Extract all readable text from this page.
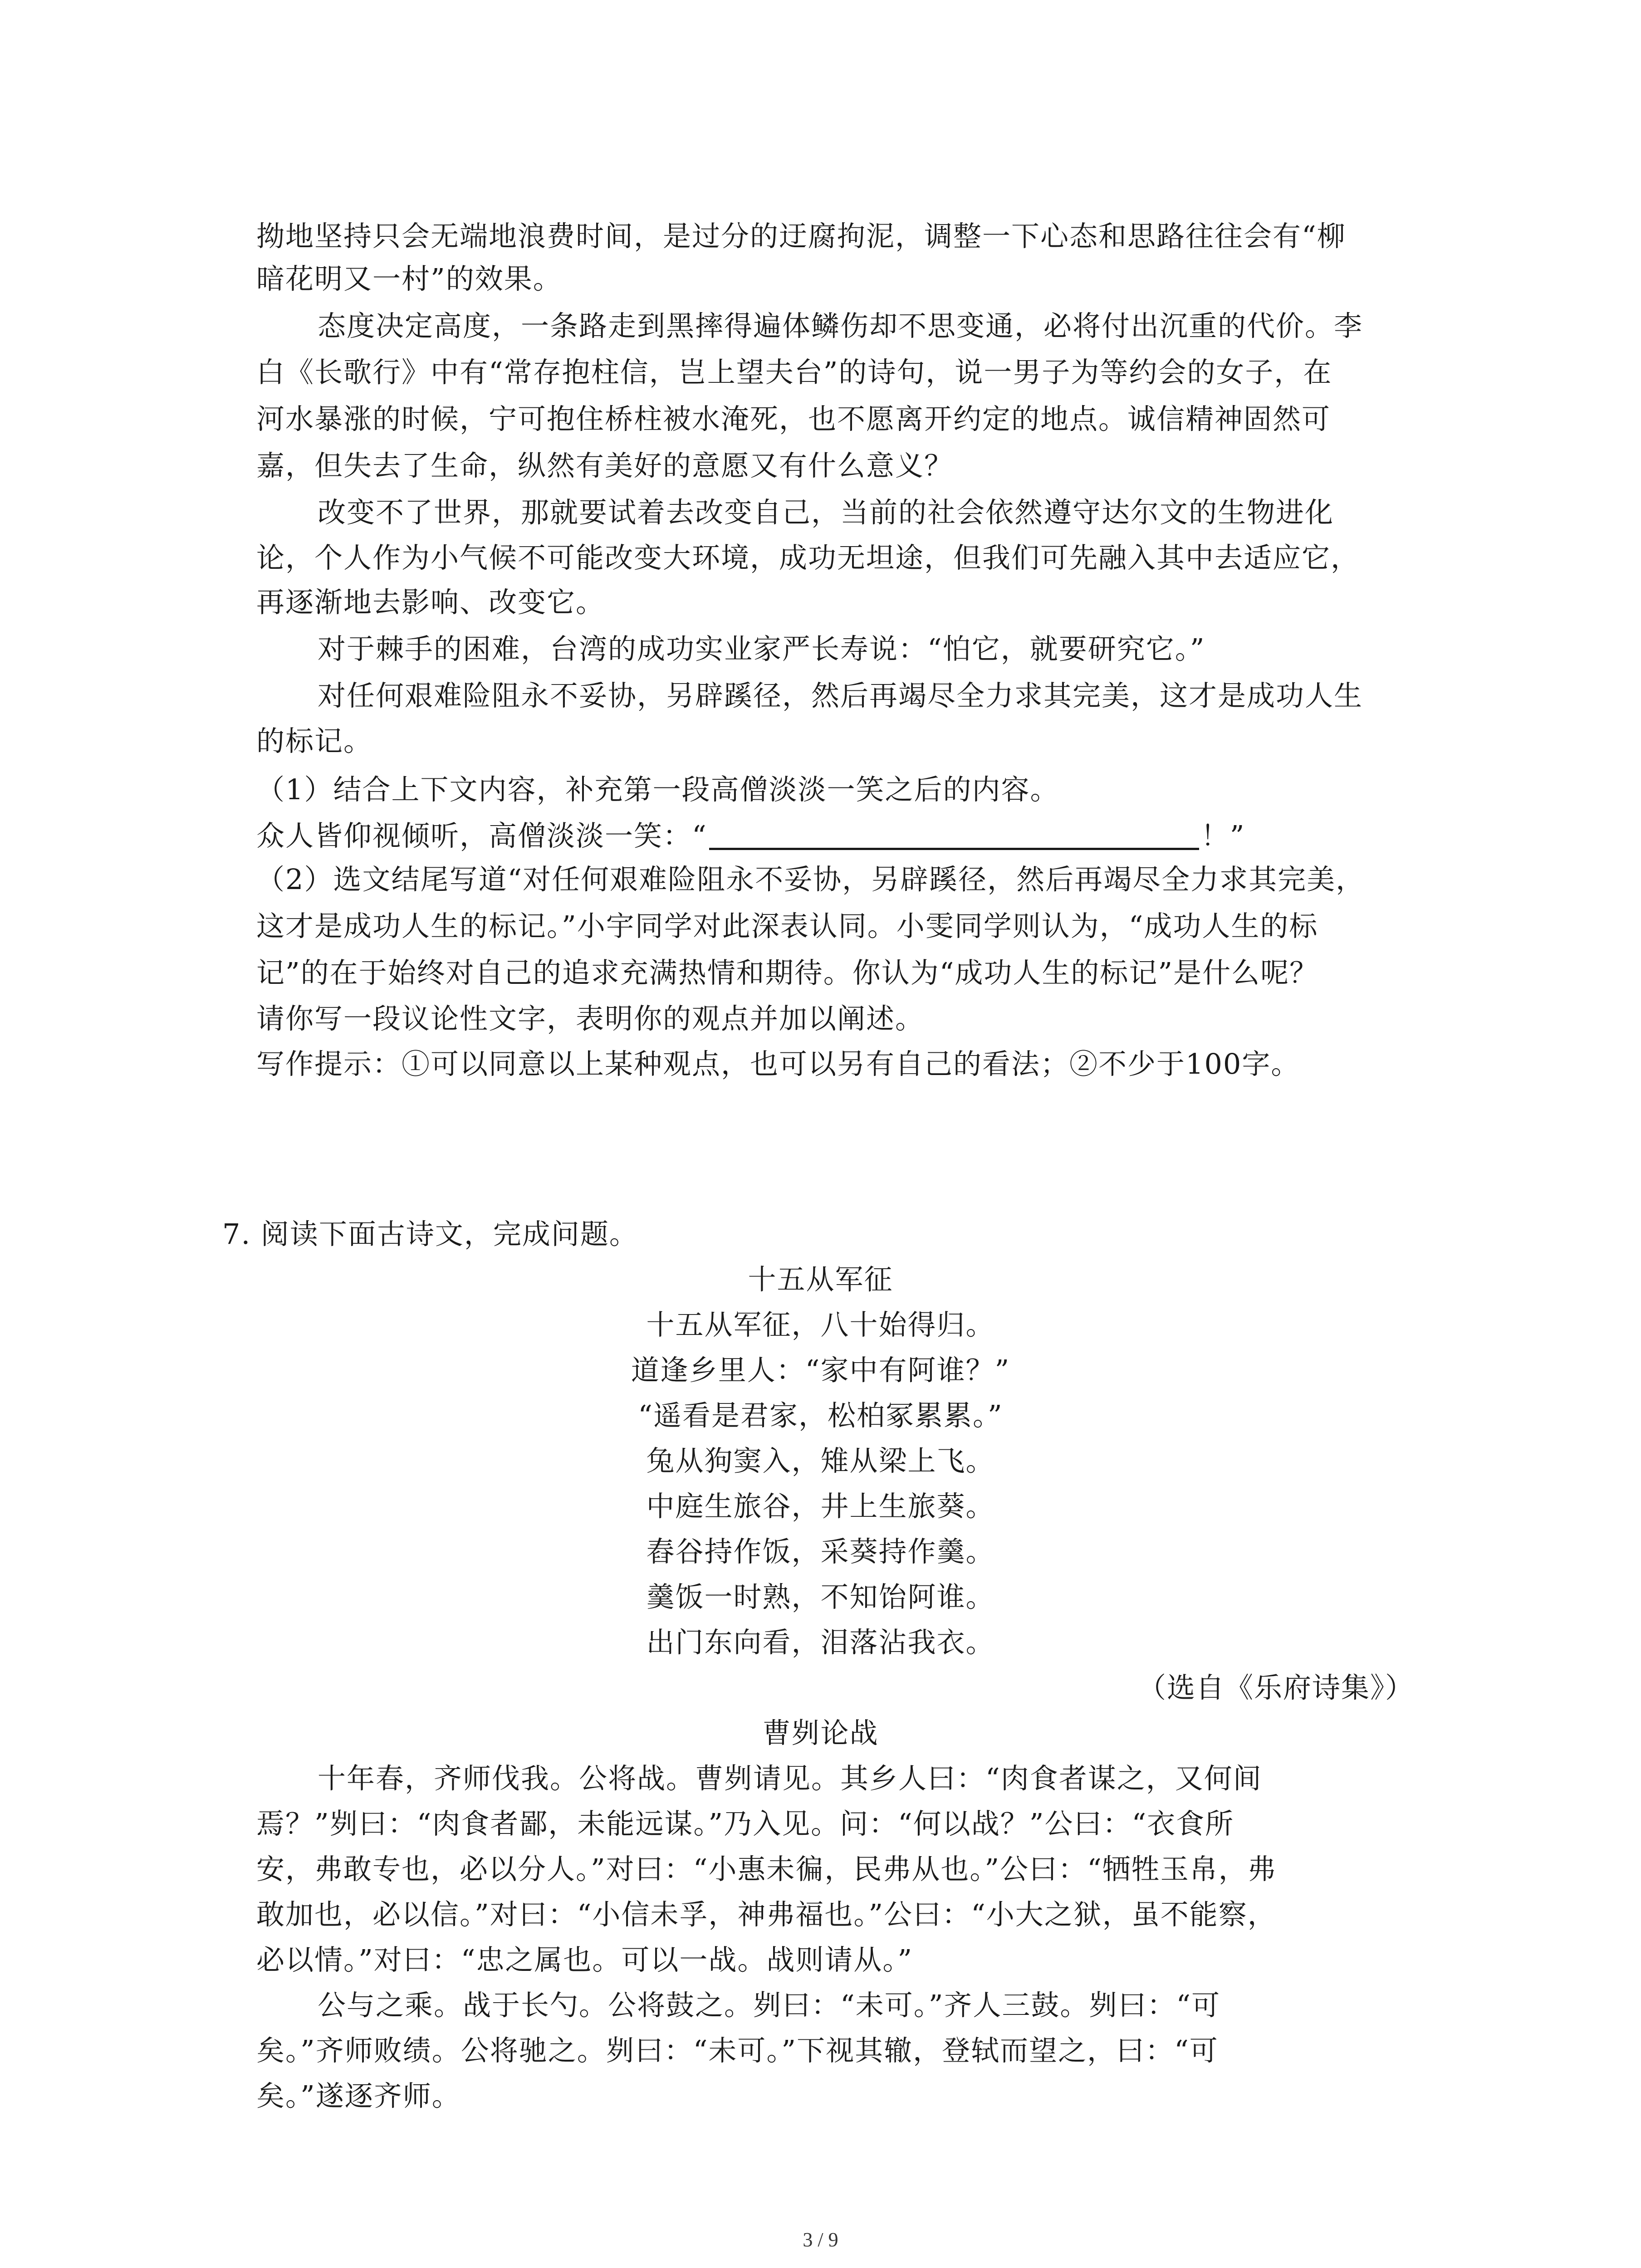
拗地坚持只会无端地浪费时间，是过分的迂腐拘泥，调整一下心态和思路往往会有“柳
暗花明又一村”的效果。
态度决定高度，一条路走到黑摔得遍体鳞伤却不思变通，必将付出沉重的代价。李
白《长歌行》中有“常存抱柱信，岂上望夫台”的诗句，说一男子为等约会的女子，在
河水暴涨的时候，宁可抱住桥柱被水淹死，也不愿离开约定的地点。诚信精神固然可
嘉，但失去了生命，纵然有美好的意愿又有什么意义？
改变不了世界，那就要试着去改变自己，当前的社会依然遵守达尔文的生物进化
论，个人作为小气候不可能改变大环境，成功无坦途，但我们可先融入其中去适应它，
再逐渐地去影响、改变它。
对于棘手的困难，台湾的成功实业家严长寿说：“怕它，就要研究它。”
对任何艰难险阻永不妥协，另辟蹊径，然后再竭尽全力求其完美，这才是成功人生
的标记。
（1）结合上下文内容，补充第一段高僧淡淡一笑之后的内容。
众人皆仰视倾听，高僧淡淡一笑：“	！”
（2）选文结尾写道“对任何艰难险阻永不妥协，另辟蹊径，然后再竭尽全力求其完美，
这才是成功人生的标记。”小宇同学对此深表认同。小雯同学则认为，“成功人生的标
记”的在于始终对自己的追求充满热情和期待。你认为“成功人生的标记”是什么呢？
请你写一段议论性文字，表明你的观点并加以阐述。
写作提示：①可以同意以上某种观点，也可以另有自己的看法；②不少于100字。
7. 阅读下面古诗文，完成问题。
十五从军征
十五从军征，八十始得归。
道逢乡里人：“家中有阿谁？”
“遥看是君家，松柏冢累累。”
兔从狗窦入，雉从梁上飞。
中庭生旅谷，井上生旅葵。
舂谷持作饭，采葵持作羹。
羹饭一时熟，不知饴阿谁。
出门东向看，泪落沾我衣。
（选自《乐府诗集》）
曹刿论战
十年春，齐师伐我。公将战。曹刿请见。其乡人曰：“肉食者谋之，又何间
焉？”刿曰：“肉食者鄙，未能远谋。”乃入见。问：“何以战？”公曰：“衣食所
安，弗敢专也，必以分人。”对曰：“小惠未徧，民弗从也。”公曰：“牺牲玉帛，弗
敢加也，必以信。”对曰：“小信未孚，神弗福也。”公曰：“小大之狱，虽不能察，
必以情。”对曰：“忠之属也。可以一战。战则请从。”
公与之乘。战于长勺。公将鼓之。刿曰：“未可。”齐人三鼓。刿曰：“可
矣。”齐师败绩。公将驰之。刿曰：“未可。”下视其辙，登轼而望之，曰：“可
矣。”遂逐齐师。
3 / 9
